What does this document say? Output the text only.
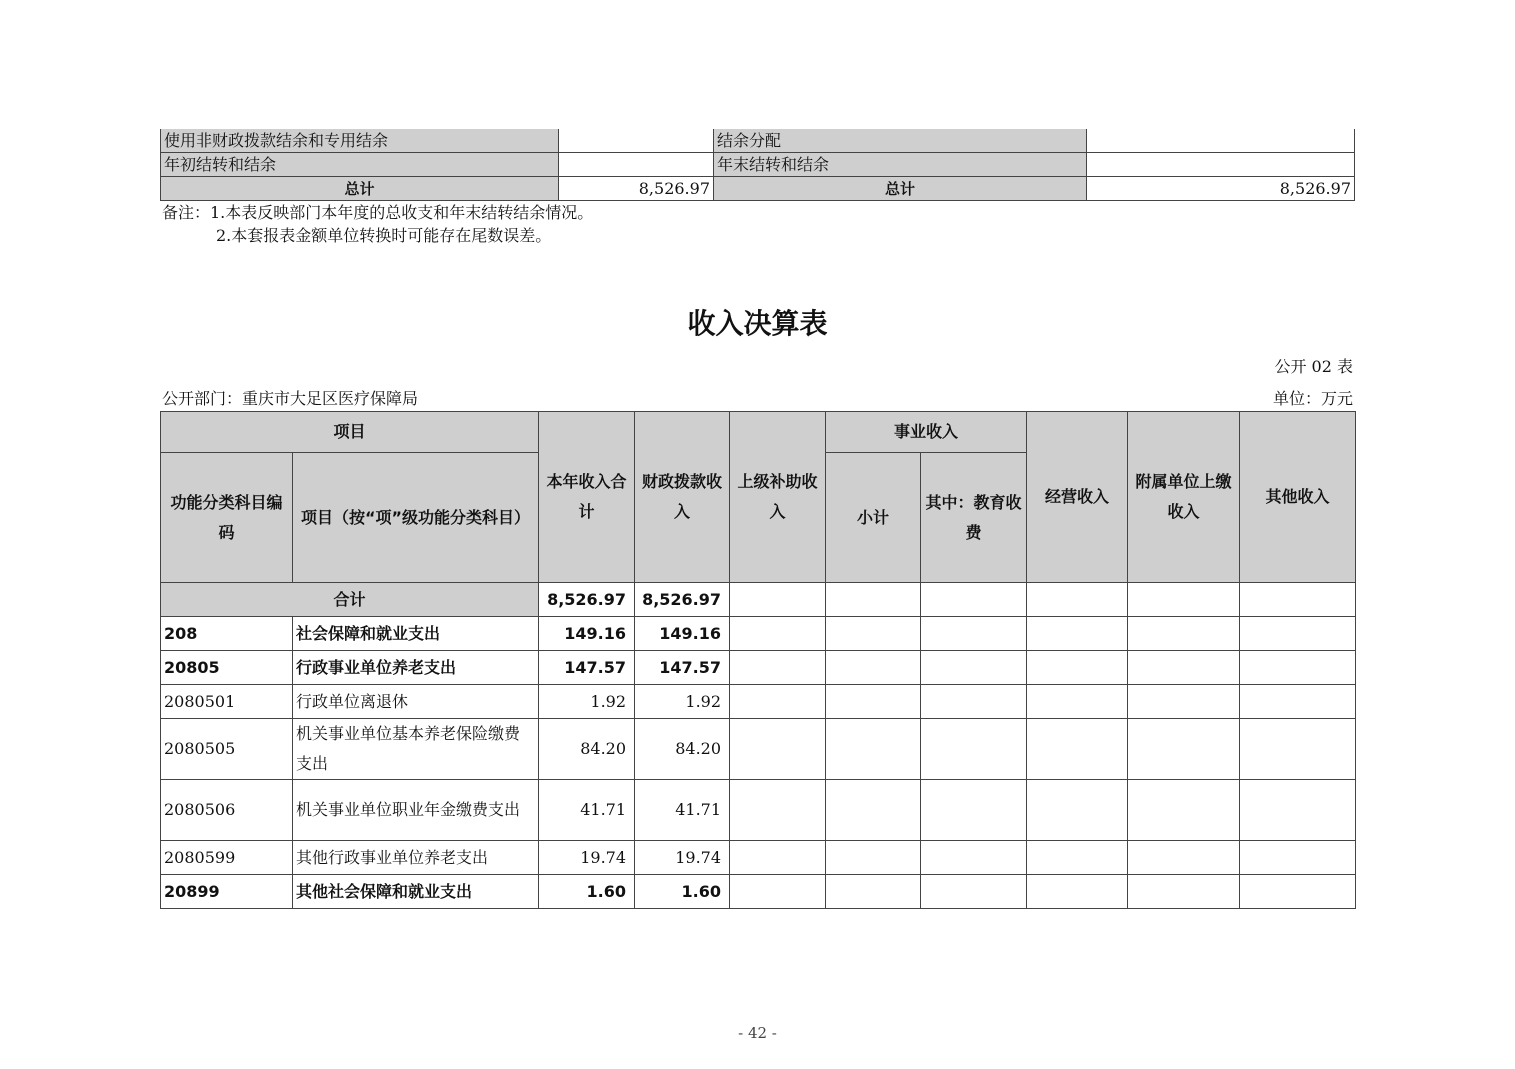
使用非财政拨款结余和专用结余		结余分配	
年初结转和结余		年末结转和结余	
总计	8,526.97	总计	8,526.97
备注：1.本表反映部门本年度的总收支和年末结转结余情况。
2.本套报表金额单位转换时可能存在尾数误差。
收入决算表
公开 02 表
公开部门：重庆市大足区医疗保障局	单位：万元
项目		本年收入合计	财政拨款收入	上级补助收入	事业收入		经营收入	附属单位上缴收入	其他收入
功能分类科目编码	项目（按“项”级功能分类科目）				小计	其中：教育收费			
合计		8,526.97	8,526.97						
208	社会保障和就业支出	149.16	149.16						
20805	行政事业单位养老支出	147.57	147.57						
2080501	行政单位离退休	1.92	1.92						
2080505	机关事业单位基本养老保险缴费支出	84.20	84.20						
2080506	机关事业单位职业年金缴费支出	41.71	41.71						
2080599	其他行政事业单位养老支出	19.74	19.74						
20899	其他社会保障和就业支出	1.60	1.60						
- 42 -
